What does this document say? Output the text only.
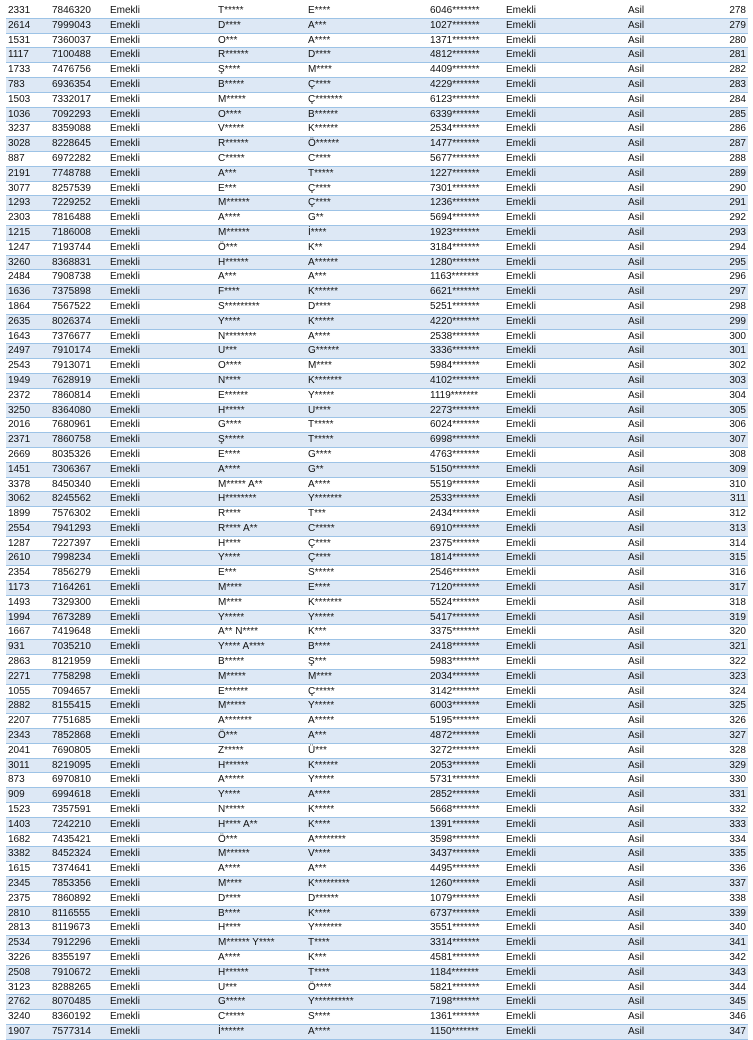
2331	7846320	Emekli	T*****	E****	6046*******	Emekli	Asil	278
2614	7999043	Emekli	D****	A***	1027*******	Emekli	Asil	279
1531	7360037	Emekli	O***	A****	1371*******	Emekli	Asil	280
1117	7100488	Emekli	R******	D****	4812*******	Emekli	Asil	281
1733	7476756	Emekli	Ş****	M****	4409*******	Emekli	Asil	282
783	6936354	Emekli	B*****	Ç****	4229*******	Emekli	Asil	283
1503	7332017	Emekli	M*****	Ç*******	6123*******	Emekli	Asil	284
1036	7092293	Emekli	O****	B******	6339*******	Emekli	Asil	285
3237	8359088	Emekli	V*****	K******	2534*******	Emekli	Asil	286
3028	8228645	Emekli	R******	Ö******	1477*******	Emekli	Asil	287
887	6972282	Emekli	C*****	C****	5677*******	Emekli	Asil	288
2191	7748788	Emekli	A***	T*****	1227*******	Emekli	Asil	289
3077	8257539	Emekli	E***	Ç****	7301*******	Emekli	Asil	290
1293	7229252	Emekli	M******	Ç****	1236*******	Emekli	Asil	291
2303	7816488	Emekli	A****	G**	5694*******	Emekli	Asil	292
1215	7186008	Emekli	M******	İ****	1923*******	Emekli	Asil	293
1247	7193744	Emekli	Ö***	K**	3184*******	Emekli	Asil	294
3260	8368831	Emekli	H******	A******	1280*******	Emekli	Asil	295
2484	7908738	Emekli	A***	A***	1163*******	Emekli	Asil	296
1636	7375898	Emekli	F****	K******	6621*******	Emekli	Asil	297
1864	7567522	Emekli	S*********	D****	5251*******	Emekli	Asil	298
2635	8026374	Emekli	Y****	K*****	4220*******	Emekli	Asil	299
1643	7376677	Emekli	N********	A****	2538*******	Emekli	Asil	300
2497	7910174	Emekli	U***	G******	3336*******	Emekli	Asil	301
2543	7913071	Emekli	O****	M****	5984*******	Emekli	Asil	302
1949	7628919	Emekli	N****	K*******	4102*******	Emekli	Asil	303
2372	7860814	Emekli	E******	Y*****	1119*******	Emekli	Asil	304
3250	8364080	Emekli	H*****	U****	2273*******	Emekli	Asil	305
2016	7680961	Emekli	G****	T*****	6024*******	Emekli	Asil	306
2371	7860758	Emekli	Ş*****	T*****	6998*******	Emekli	Asil	307
2669	8035326	Emekli	E****	G****	4763*******	Emekli	Asil	308
1451	7306367	Emekli	A****	G**	5150*******	Emekli	Asil	309
3378	8450340	Emekli	M***** A**	A****	5519*******	Emekli	Asil	310
3062	8245562	Emekli	H********	Y*******	2533*******	Emekli	Asil	311
1899	7576302	Emekli	R****	T***	2434*******	Emekli	Asil	312
2554	7941293	Emekli	R**** A**	C*****	6910*******	Emekli	Asil	313
1287	7227397	Emekli	H****	Ç****	2375*******	Emekli	Asil	314
2610	7998234	Emekli	Y****	Ç****	1814*******	Emekli	Asil	315
2354	7856279	Emekli	E***	S*****	2546*******	Emekli	Asil	316
1173	7164261	Emekli	M****	E****	7120*******	Emekli	Asil	317
1493	7329300	Emekli	M****	K*******	5524*******	Emekli	Asil	318
1994	7673289	Emekli	Y*****	Y*****	5417*******	Emekli	Asil	319
1667	7419648	Emekli	A** N****	K***	3375*******	Emekli	Asil	320
931	7035210	Emekli	Y**** A****	B****	2418*******	Emekli	Asil	321
2863	8121959	Emekli	B*****	Ş***	5983*******	Emekli	Asil	322
2271	7758298	Emekli	M*****	M****	2034*******	Emekli	Asil	323
1055	7094657	Emekli	E******	Ç*****	3142*******	Emekli	Asil	324
2882	8155415	Emekli	M*****	Y*****	6003*******	Emekli	Asil	325
2207	7751685	Emekli	A*******	A*****	5195*******	Emekli	Asil	326
2343	7852868	Emekli	Ö***	A***	4872*******	Emekli	Asil	327
2041	7690805	Emekli	Z*****	Ü***	3272*******	Emekli	Asil	328
3011	8219095	Emekli	H******	K******	2053*******	Emekli	Asil	329
873	6970810	Emekli	A*****	Y*****	5731*******	Emekli	Asil	330
909	6994618	Emekli	Y****	A****	2852*******	Emekli	Asil	331
1523	7357591	Emekli	N*****	K*****	5668*******	Emekli	Asil	332
1403	7242210	Emekli	H**** A**	K****	1391*******	Emekli	Asil	333
1682	7435421	Emekli	Ö***	A********	3598*******	Emekli	Asil	334
3382	8452324	Emekli	M******	V****	3437*******	Emekli	Asil	335
1615	7374641	Emekli	A****	A***	4495*******	Emekli	Asil	336
2345	7853356	Emekli	M****	K*********	1260*******	Emekli	Asil	337
2375	7860892	Emekli	D****	D******	1079*******	Emekli	Asil	338
2810	8116555	Emekli	B****	K****	6737*******	Emekli	Asil	339
2813	8119673	Emekli	H****	Y*******	3551*******	Emekli	Asil	340
2534	7912296	Emekli	M****** Y****	T****	3314*******	Emekli	Asil	341
3226	8355197	Emekli	A****	K***	4581*******	Emekli	Asil	342
2508	7910672	Emekli	H******	T****	1184*******	Emekli	Asil	343
3123	8288265	Emekli	U***	Ö****	5821*******	Emekli	Asil	344
2762	8070485	Emekli	G*****	Y**********	7198*******	Emekli	Asil	345
3240	8360192	Emekli	C*****	S****	1361*******	Emekli	Asil	346
1907	7577314	Emekli	İ******	A****	1150*******	Emekli	Asil	347
